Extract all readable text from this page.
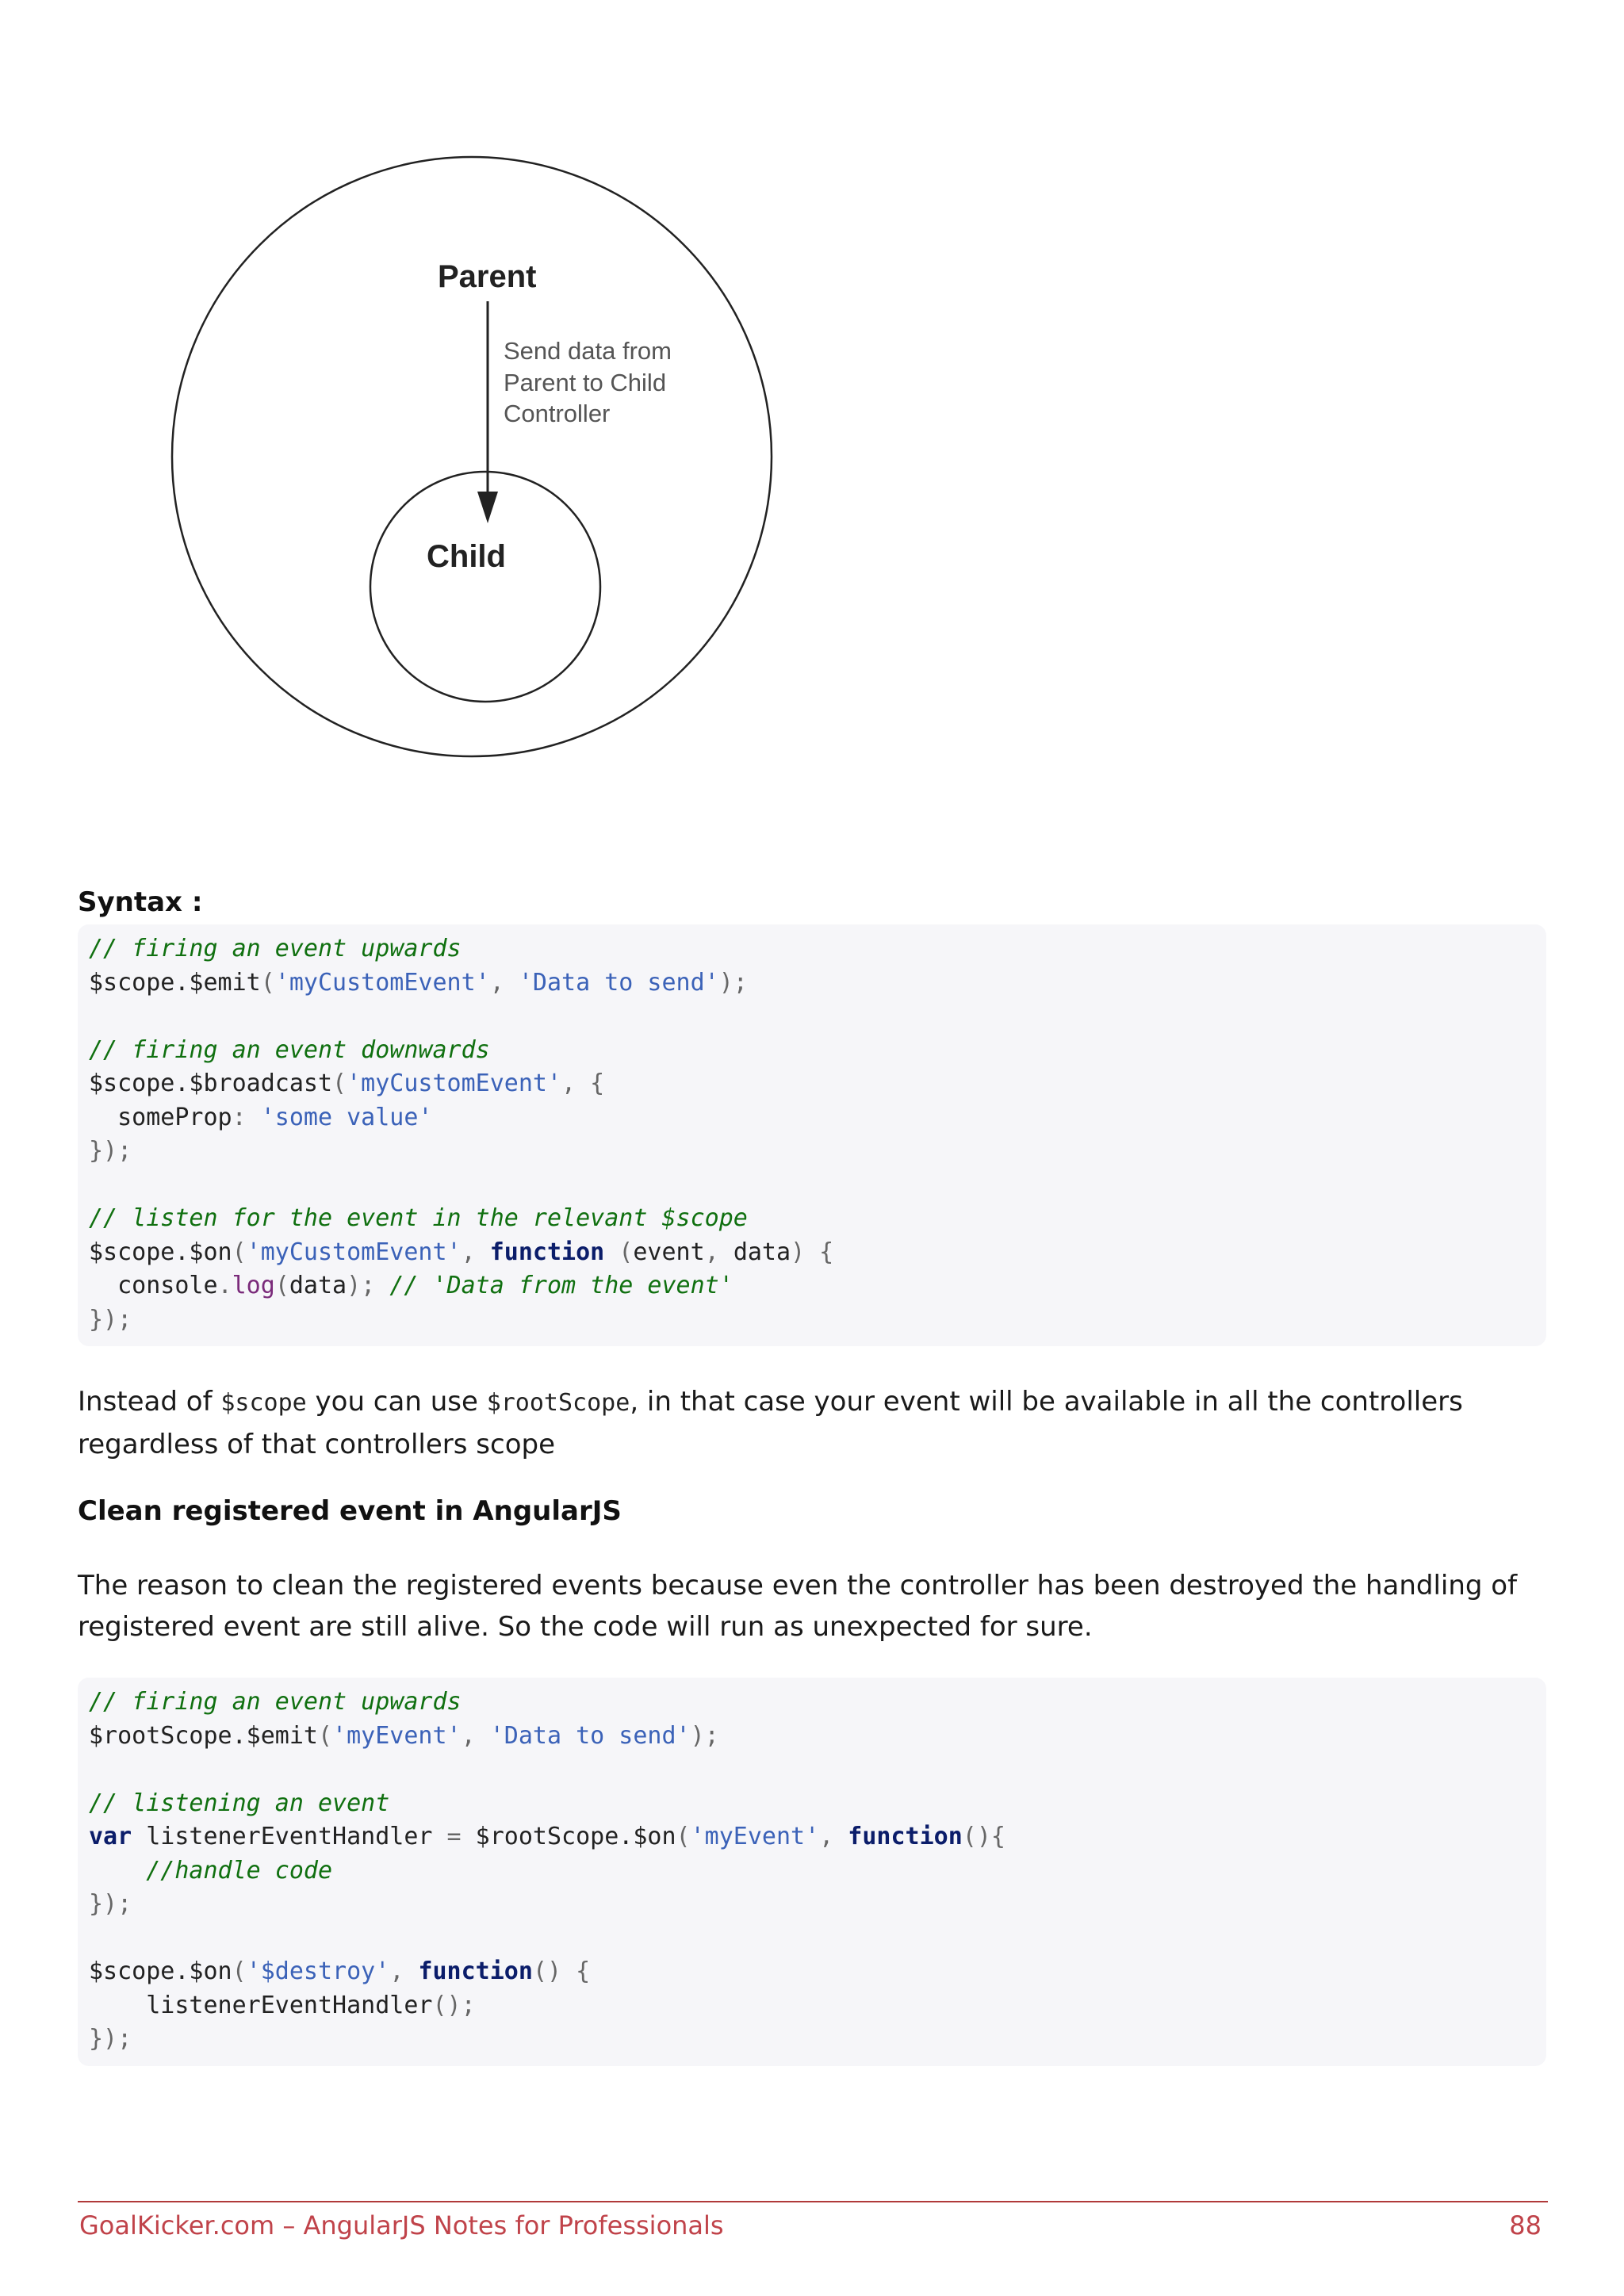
Parent
Child
Send data from
Parent to Child
Controller
Syntax :
// firing an event upwards
$scope.$emit('myCustomEvent', 'Data to send');
// firing an event downwards
$scope.$broadcast('myCustomEvent', {
someProp: 'some value'
});
// listen for the event in the relevant $scope
$scope.$on('myCustomEvent', function (event, data) {
console.log(data); // 'Data from the event'
});

Instead of $scope you can use $rootScope, in that case your event will be available in all the controllers regardless of that controllers scope

Clean registered event in AngularJS

The reason to clean the registered events because even the controller has been destroyed the handling of registered event are still alive. So the code will run as unexpected for sure.

// firing an event upwards
$rootScope.$emit('myEvent', 'Data to send');
// listening an event
var listenerEventHandler = $rootScope.$on('myEvent', function(){
//handle code
});
$scope.$on('$destroy', function() {
listenerEventHandler();
});
GoalKicker.com – AngularJS Notes for Professionals	88
